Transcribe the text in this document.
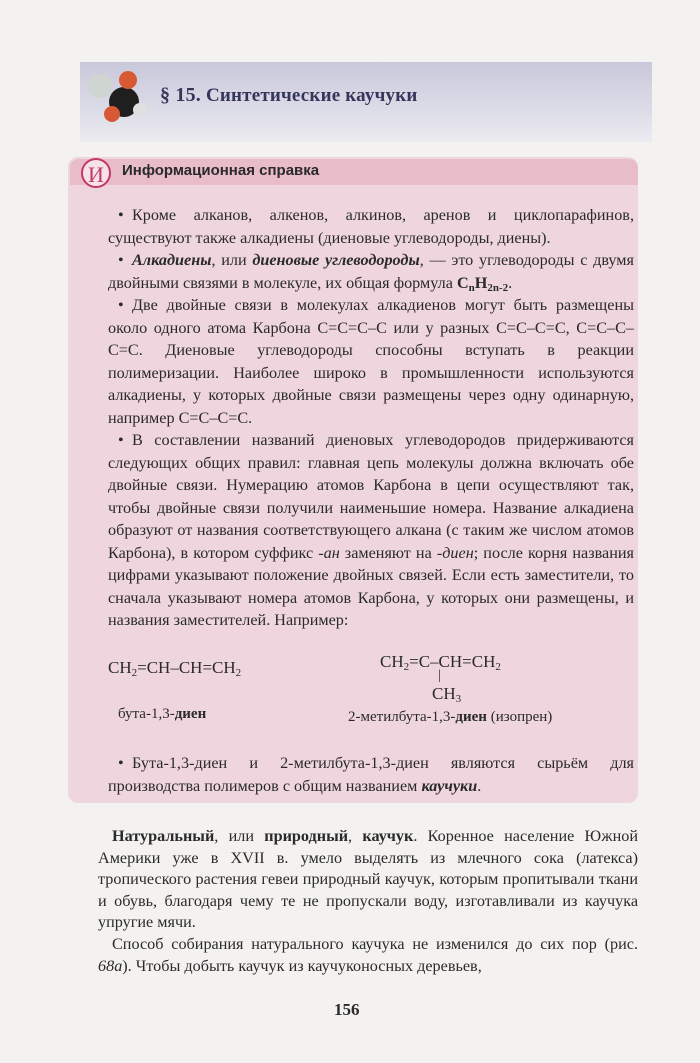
§ 15. Синтетические каучуки
И	Информационная справка

• Кроме алканов, алкенов, алкинов, аренов и циклопарафинов, существуют также алкадиены (диеновые углеводороды, диены).

• Алкадиены, или диеновые углеводороды, — это углеводороды с двумя двойными связями в молекуле, их общая формула $C_nH_{2n-2}$.

• Две двойные связи в молекулах алкадиенов могут быть размещены около одного атома Карбона C=C=C–C или у разных C=C–C=C, C=C–C–C=C. Диеновые углеводороды способны вступать в реакции полимеризации. Наиболее широко в промышленности используются алкадиены, у которых двойные связи размещены через одну одинарную, например C=C–C=C.

• В составлении названий диеновых углеводородов придерживаются следующих общих правил: главная цепь молекулы должна включать обе двойные связи. Нумерацию атомов Карбона в цепи осуществляют так, чтобы двойные связи получили наименьшие номера. Название алкадиена образуют от названия соответствующего алкана (с таким же числом атомов Карбона), в котором суффикс -ан заменяют на -диен; после корня названия цифрами указывают положение двойных связей. Если есть заместители, то сначала указывают номера атомов Карбона, у которых они размещены, и названия заместителей. Например:

$CH_2=CH-CH=CH_2$
$CH_2=C-CH=CH_2$
|
$CH_3$
бута-1,3-диен	2-метилбута-1,3-диен (изопрен)

• Бута-1,3-диен и 2-метилбута-1,3-диен являются сырьём для производства полимеров с общим названием каучуки.

Натуральный, или природный, каучук. Коренное население Южной Америки уже в XVII в. умело выделять из млечного сока (латекса) тропического растения гевеи природный каучук, которым пропитывали ткани и обувь, благодаря чему те не пропускали воду, изготавливали из каучука упругие мячи.

Способ собирания натурального каучука не изменился до сих пор (рис. 68а). Чтобы добыть каучук из каучуконосных деревьев,

156
